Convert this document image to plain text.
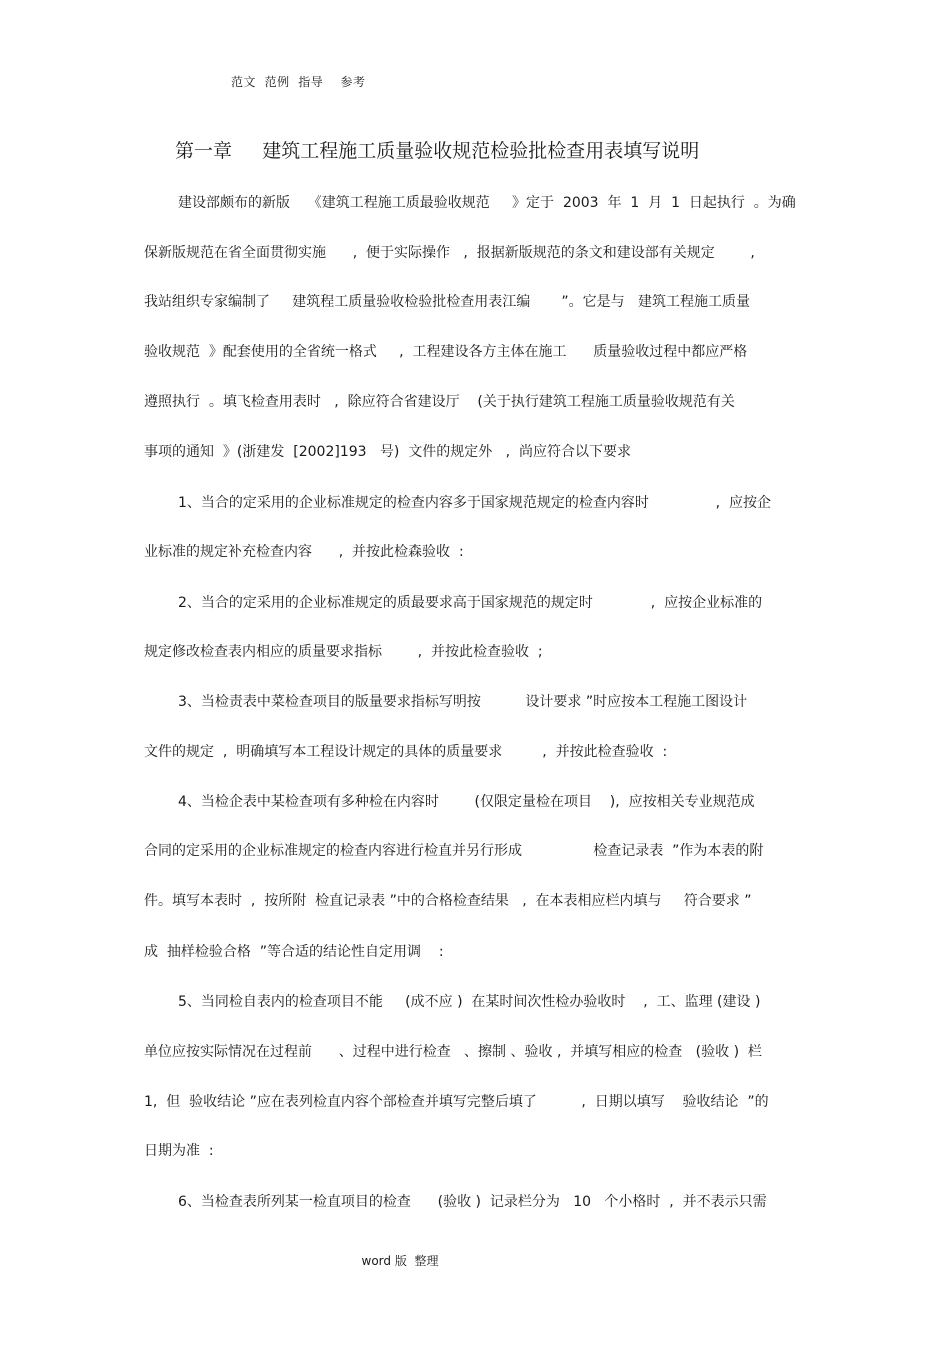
范文  范例  指导    参考
第一章     建筑工程施工质量验收规范检验批检查用表填写说明
建设部颇布的新版    《建筑工程施工质最验收规范     》定于  2003  年  1  月  1  日起执行  。为确
保新版规范在省全面贯彻实施      ,  便于实际操作   ,  报据新版规范的条文和建设部有关规定        ,
我站组织专家编制了     建筑程工质量验收检验批检查用表江编       ”。它是与   建筑工程施工质量
验收规范  》配套使用的全省统一格式     ,  工程建设各方主体在施工      质量验收过程中都应严格
遵照执行  。填飞检查用表时   ,  除应符合省建设厅    (关于执行建筑工程施工质量验收规范有关
事项的通知  》(浙建发  [2002]193   号)  文件的规定外   ,  尚应符合以下要求
1、当合的定采用的企业标准规定的检查内容多于国家规范规定的检查内容时               ,  应按企
业标准的规定补充检查内容      ,  并按此检森验收  :
2、当合的定采用的企业标准规定的质最要求高于国家规范的规定时             ,  应按企业标准的
规定修改检查表内相应的质量要求指标        ,  并按此检查验收  ;
3、当检责表中菜检查项目的版量要求指标写明按          设计要求 ”时应按本工程施工图设计
文件的规定  ,  明确填写本工程设计规定的具体的质量要求         ,  并按此检查验收  :
4、当检企表中某检查项有多种检在内容时        (仅限定量检在项目    ),  应按相关专业规范成
合同的定采用的企业标准规定的检查内容进行检直并另行形成                检查记录表  ”作为本表的附
件。填写本表时  ,  按所附  检直记录表 ”中的合格检查结果   ,  在本表相应栏内填与     符合要求 ”
成  抽样检验合格  ”等合适的结论性自定用调    :
5、当同检自表内的检查项目不能     (成不应 )  在某时间次性检办验收时    ,  工、监理 (建设 )
单位应按实际情况在过程前      、过程中进行检查   、擦制 、验收 ,  并填写相应的检查   (验收 )  栏
1,  但  验收结论 ”应在表列检直内容个部检查并填写完整后填了          ,  日期以填写    验收结论  ”的
日期为准  :
6、当检查表所列某一检直项目的检查      (验收 )  记录栏分为   10   个小格时  ,  并不表示只需
word 版  整理
